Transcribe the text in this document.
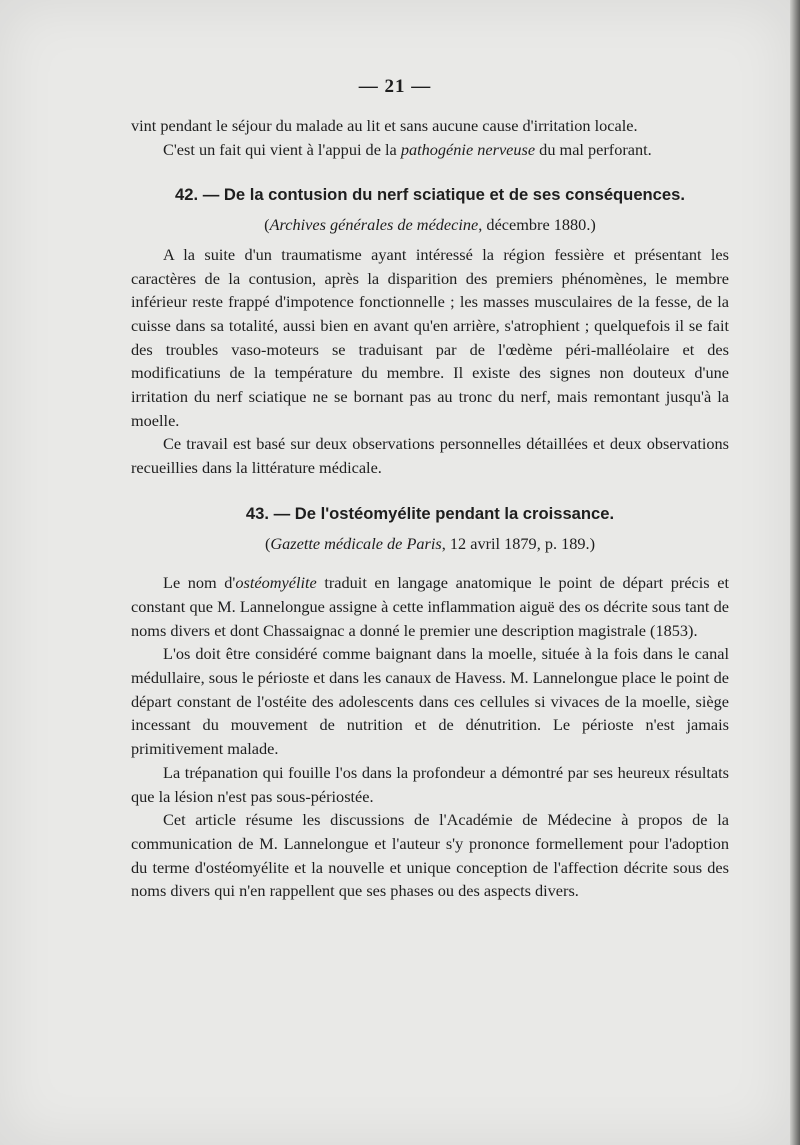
— 21 —

vint pendant le séjour du malade au lit et sans aucune cause d'irritation locale.
C'est un fait qui vient à l'appui de la pathogénie nerveuse du mal perforant.

42. — De la contusion du nerf sciatique et de ses conséquences.

(Archives générales de médecine, décembre 1880.)

A la suite d'un traumatisme ayant intéressé la région fessière et présentant les caractères de la contusion, après la disparition des premiers phénomènes, le membre inférieur reste frappé d'impotence fonctionnelle ; les masses musculaires de la fesse, de la cuisse dans sa totalité, aussi bien en avant qu'en arrière, s'atrophient ; quelquefois il se fait des troubles vaso-moteurs se traduisant par de l'œdème péri-malléolaire et des modificatiuns de la température du membre. Il existe des signes non douteux d'une irritation du nerf sciatique ne se bornant pas au tronc du nerf, mais remontant jusqu'à la moelle.

Ce travail est basé sur deux observations personnelles détaillées et deux observations recueillies dans la littérature médicale.

43. — De l'ostéomyélite pendant la croissance.

(Gazette médicale de Paris, 12 avril 1879, p. 189.)

Le nom d'ostéomyélite traduit en langage anatomique le point de départ précis et constant que M. Lannelongue assigne à cette inflammation aiguë des os décrite sous tant de noms divers et dont Chassaignac a donné le premier une description magistrale (1853).

L'os doit être considéré comme baignant dans la moelle, située à la fois dans le canal médullaire, sous le périoste et dans les canaux de Havess. M. Lannelongue place le point de départ constant de l'ostéite des adolescents dans ces cellules si vivaces de la moelle, siège incessant du mouvement de nutrition et de dénutrition. Le périoste n'est jamais primitivement malade.

La trépanation qui fouille l'os dans la profondeur a démontré par ses heureux résultats que la lésion n'est pas sous-périostée.

Cet article résume les discussions de l'Académie de Médecine à propos de la communication de M. Lannelongue et l'auteur s'y prononce formellement pour l'adoption du terme d'ostéomyélite et la nouvelle et unique conception de l'affection décrite sous des noms divers qui n'en rappellent que ses phases ou des aspects divers.
